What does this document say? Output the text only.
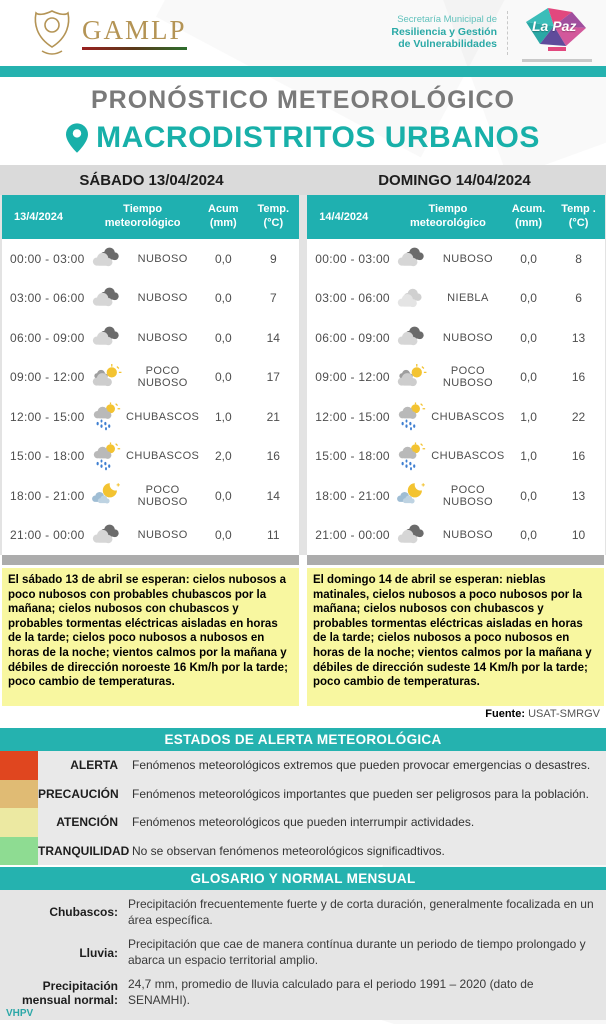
GAMLP	Secretaría Municipal de
Resiliencia y Gestión
de Vulnerabilidades
La Paz
PRONÓSTICO METEOROLÓGICO
MACRODISTRITOS URBANOS
SÁBADO 13/04/2024	DOMINGO 14/04/2024
13/4/2024
Tiempo meteorológico
Acum (mm)
Temp. (°C)
00:00 - 03:00	NUBOSO	0,0	9
03:00 - 06:00	NUBOSO	0,0	7
06:00 - 09:00	NUBOSO	0,0	14
09:00 - 12:00	POCO NUBOSO	0,0	17
12:00 - 15:00	CHUBASCOS	1,0	21
15:00 - 18:00	CHUBASCOS	2,0	16
18:00 - 21:00	POCO NUBOSO	0,0	14
21:00 - 00:00	NUBOSO	0,0	11
14/4/2024
Tiempo meteorológico
Acum. (mm)
Temp . (°C)
00:00 - 03:00	NUBOSO	0,0	8
03:00 - 06:00	NIEBLA	0,0	6
06:00 - 09:00	NUBOSO	0,0	13
09:00 - 12:00	POCO NUBOSO	0,0	16
12:00 - 15:00	CHUBASCOS	1,0	22
15:00 - 18:00	CHUBASCOS	1,0	16
18:00 - 21:00	POCO NUBOSO	0,0	13
21:00 - 00:00	NUBOSO	0,0	10

El sábado 13 de abril se esperan: cielos nubosos a poco nubosos con probables chubascos por la mañana; cielos nubosos con chubascos y probables tormentas eléctricas aisladas en horas de la tarde; cielos poco nubosos a nubosos en horas de la noche; vientos calmos por la mañana y débiles de dirección noroeste 16 Km/h por la tarde; poco cambio de temperaturas.

El domingo 14 de abril se esperan: nieblas matinales, cielos nubosos a poco nubosos por la mañana; cielos nubosos con chubascos y probables tormentas eléctricas aisladas en horas de la tarde; cielos nubosos a poco nubosos en horas de la noche; vientos calmos por la mañana y débiles de dirección sudeste 14 Km/h por la tarde; poco cambio de temperaturas.

Fuente: USAT-SMRGV
ESTADOS DE ALERTA METEOROLÓGICA
ALERTA	Fenómenos meteorológicos extremos que pueden provocar emergencias o desastres.
PRECAUCIÓN	Fenómenos meteorológicos importantes que pueden ser peligrosos para la población.
ATENCIÓN	Fenómenos meteorológicos que pueden interrumpir actividades.
TRANQUILIDAD No se observan fenómenos meteorológicos significadtivos.
GLOSARIO Y NORMAL MENSUAL
Chubascos:
Precipitación frecuentemente fuerte y de corta duración, generalmente focalizada en un área específica.
Lluvia:
Precipitación que cae de manera contínua durante un periodo de tiempo prolongado y abarca un espacio territorial amplio.
Precipitación mensual normal:
24,7 mm, promedio de lluvia calculado para el periodo 1991 – 2020 (dato de SENAMHI).
VHPV
